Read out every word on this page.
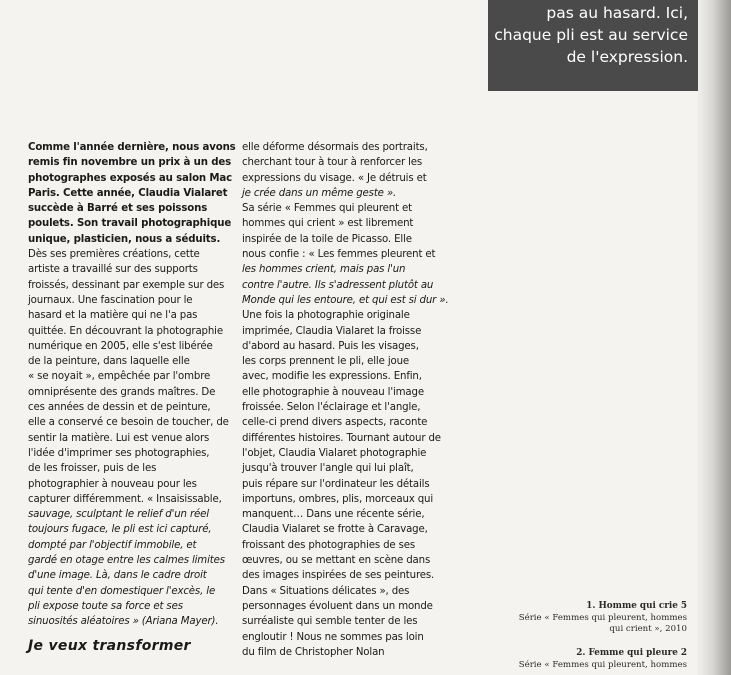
pas au hasard. Ici,
chaque pli est au service
de l'expression.
Comme l'année dernière, nous avons
remis fin novembre un prix à un des
photographes exposés au salon Mac
Paris. Cette année, Claudia Vialaret
succède à Barré et ses poissons
poulets. Son travail photographique
unique, plasticien, nous a séduits.
Dès ses premières créations, cette
artiste a travaillé sur des supports
froissés, dessinant par exemple sur des
journaux. Une fascination pour le
hasard et la matière qui ne l'a pas
quittée. En découvrant la photographie
numérique en 2005, elle s'est libérée
de la peinture, dans laquelle elle
« se noyait », empêchée par l'ombre
omniprésente des grands maîtres. De
ces années de dessin et de peinture,
elle a conservé ce besoin de toucher, de
sentir la matière. Lui est venue alors
l'idée d'imprimer ses photographies,
de les froisser, puis de les
photographier à nouveau pour les
capturer différemment. « Insaisissable,
sauvage, sculptant le relief d'un réel
toujours fugace, le pli est ici capturé,
dompté par l'objectif immobile, et
gardé en otage entre les calmes limites
d'une image. Là, dans le cadre droit
qui tente d'en domestiquer l'excès, le
pli expose toute sa force et ses
sinuosités aléatoires » (Ariana Mayer).
Je veux transformer
elle déforme désormais des portraits,
cherchant tour à tour à renforcer les
expressions du visage. « Je détruis et
je crée dans un même geste ».
Sa série « Femmes qui pleurent et
hommes qui crient » est librement
inspirée de la toile de Picasso. Elle
nous confie : « Les femmes pleurent et
les hommes crient, mais pas l'un
contre l'autre. Ils s'adressent plutôt au
Monde qui les entoure, et qui est si dur ».
Une fois la photographie originale
imprimée, Claudia Vialaret la froisse
d'abord au hasard. Puis les visages,
les corps prennent le pli, elle joue
avec, modifie les expressions. Enfin,
elle photographie à nouveau l'image
froissée. Selon l'éclairage et l'angle,
celle-ci prend divers aspects, raconte
différentes histoires. Tournant autour de
l'objet, Claudia Vialaret photographie
jusqu'à trouver l'angle qui lui plaît,
puis répare sur l'ordinateur les détails
importuns, ombres, plis, morceaux qui
manquent… Dans une récente série,
Claudia Vialaret se frotte à Caravage,
froissant des photographies de ses
œuvres, ou se mettant en scène dans
des images inspirées de ses peintures.
Dans « Situations délicates », des
personnages évoluent dans un monde
surréaliste qui semble tenter de les
engloutir ! Nous ne sommes pas loin
du film de Christopher Nolan
1. Homme qui crie 5
Série « Femmes qui pleurent, hommes
qui crient », 2010
2. Femme qui pleure 2
Série « Femmes qui pleurent, hommes
